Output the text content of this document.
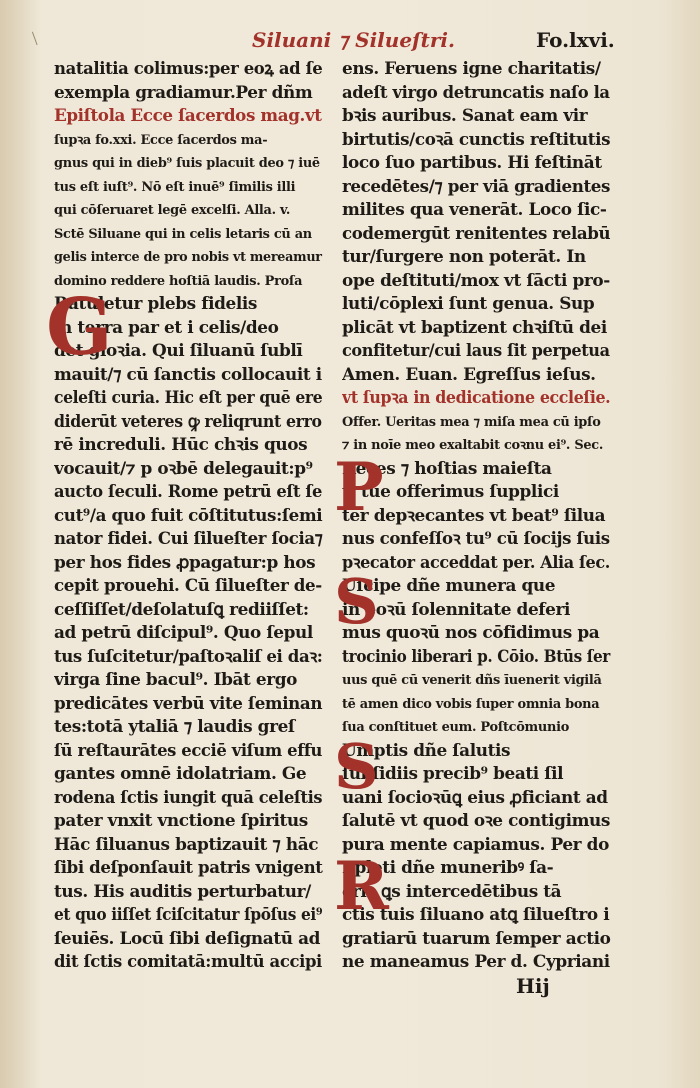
Siluani ⁊ Silueſtri.	Fo.lxvi.
natalitia colimus:per eoꝝ ad ſe
exempla gradiamur.Per dñm
Epiſtola Ecce ſacerdos mag.vt
ſupꝛa fo.xxi. Ecce ſacerdos ma-
gnus qui in dieb⁹ ſuis placuit deo ⁊ iuē
tus eſt iuſt⁹. Nō eſt inuē⁹ ſimilis illi
qui cōſeruaret legē excelſi. Alla. v.
Sctē Siluane qui in celis letaris cū an
gelis interce de pro nobis vt mereamur
domino reddere hoſtiā laudis. Proſa
Ratuletur plebs fidelis
in terra par et i celis/deo
det gloꝛia. Qui ſiluanū ſublī
mauit/⁊ cū ſanctis collocauit i
celeſti curia. Hic eſt per quē ere
diderūt veteres ꝙ reliqrunt erro
rē increduli. Hūc chꝛis quos
vocauit/⁊ p oꝛbē delegauit:p⁹
aucto ſeculi. Rome petrū eſt ſe
cut⁹/a quo fuit cōſtitutus:ſemi
nator fidei. Cui ſilueſter ſocia⁊
per hos fides ꝓpagatur:p hos
cepit prouehi. Cū ſilueſter de-
ceſſiſſet/deſolatuſꝗ rediiſſet:
ad petrū diſcipul⁹. Quo ſepul
tus ſuſcitetur/paſtoꝛaliſ ei daꝛ:
virga ſine bacul⁹. Ibāt ergo
predicātes verbū vite ſeminan
tes:totā ytaliā ⁊ laudis greſ
ſū reſtaurātes ecciē viſum effu
gantes omnē idolatriam. Ge
rodena ſctis iungit quā celeſtis
pater vnxit vnctione ſpiritus
Hāc ſiluanus baptizauit ⁊ hāc
ſibi deſponſauit patris vnigent
tus. His auditis perturbatur/
et quo iiſſet ſciſcitatur ſpōſus ei⁹
ſeuiēs. Locū ſibi deſignatū ad
dit ſctis comitatā:multū accipi
ens. Feruens igne charitatis/
adeſt virgo detruncatis naſo la
bꝛis auribus. Sanat eam vir
birtutis/coꝛā cunctis reſtitutis
loco ſuo partibus. Hi feſtināt
recedētes/⁊ per viā gradientes
milites qua venerāt. Loco ſic-
codemergūt renitentes relabū
tur/ſurgere non poterāt. In
ope deſtituti/mox vt ſācti pro-
luti/cōplexi ſunt genua. Sup
plicāt vt baptizent chꝛiſtū dei
confitetur/cui laus ſit perpetua
Amen. Euan. Egreſſus ieſus.
vt ſupꝛa in dedicatione eccleſie.
Offer. Ueritas mea ⁊ miſa mea cū ipſo
⁊ in noīe meo exaltabit coꝛnu ei⁹. Sec.
Reces ⁊ hoſtias maieſta
ti tue offerimus ſupplici
ter depꝛecantes vt beat⁹ ſilua
nus confeſſoꝛ tu⁹ cū ſocijs ſuis
pꝛecator acceddat per. Alia ſec.
Uſcipe dñe munera que
in eoꝛū ſolennitate deferi
mus quoꝛū nos cōfidimus pa
trocinio liberari p. Cōio. Btūs ſer
uus quē cū venerit dñs īuenerit vigilā
tē amen dico vobis ſuper omnia bona
ſua conſtituet eum. Poſtcōmunio
Umptis dñe ſalutis
ſubſidiis precib⁹ beati ſil
uani ſocioꝛūꝗ eius ꝓficiant ad
ſalutē vt quod oꝛe contigimus
pura mente capiamus. Per do
Epleti dñe muneribꝰ ſa-
cris ꝗs intercedētibus tā
ctis tuis ſiluano atꝗ ſilueſtro i
gratiarū tuarum ſemper actio
ne maneamus Per d. Cypriani
Hij
G
P
S
S
R
